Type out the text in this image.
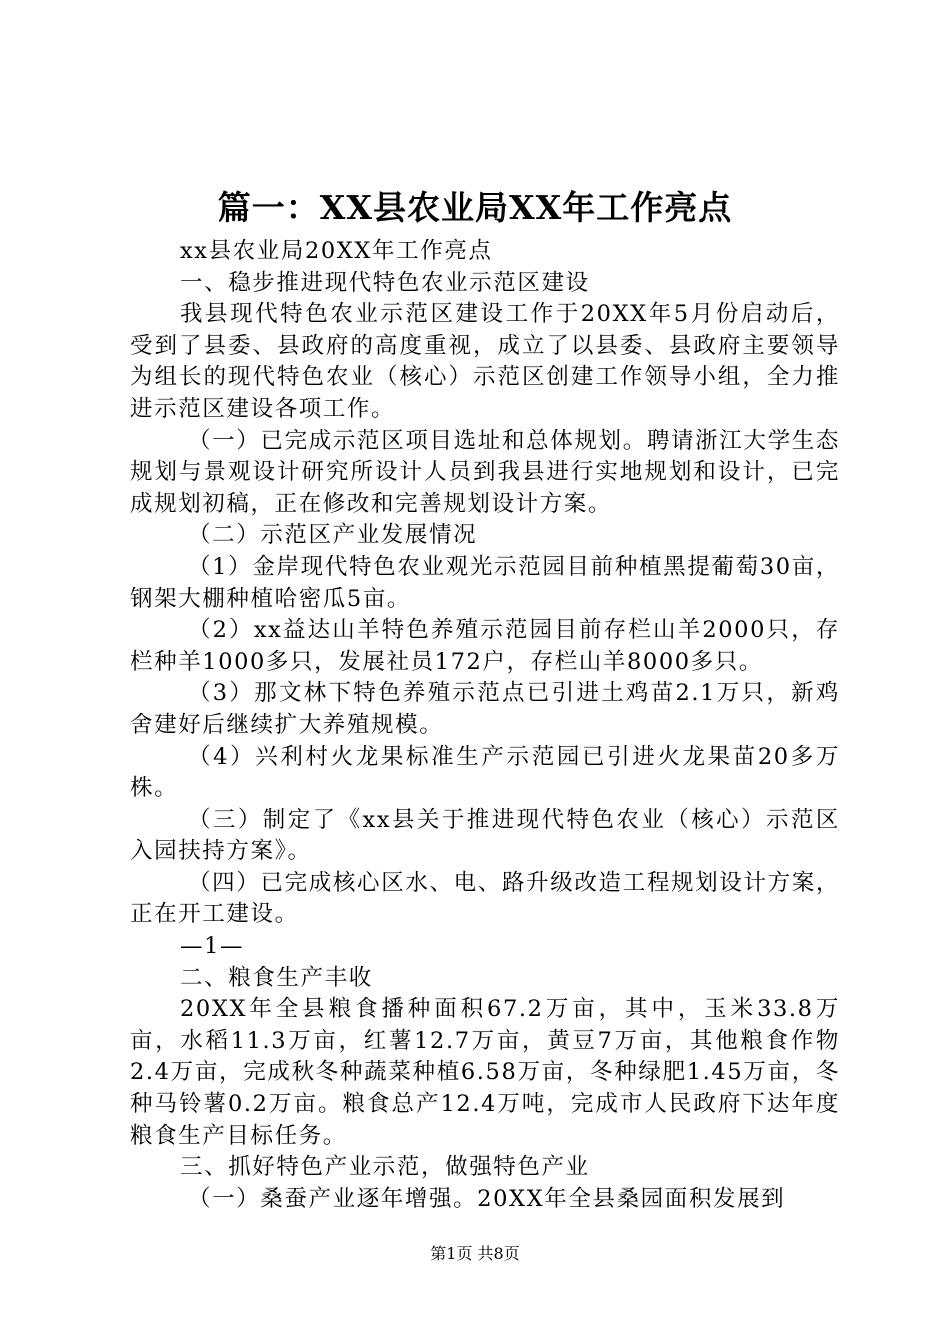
篇一：XX县农业局XX年工作亮点

xx县农业局20XX年工作亮点

一、稳步推进现代特色农业示范区建设

我县现代特色农业示范区建设工作于20XX年5月份启动后，受到了县委、县政府的高度重视，成立了以县委、县政府主要领导为组长的现代特色农业（核心）示范区创建工作领导小组，全力推进示范区建设各项工作。

（一）已完成示范区项目选址和总体规划。聘请浙江大学生态规划与景观设计研究所设计人员到我县进行实地规划和设计，已完成规划初稿，正在修改和完善规划设计方案。

（二）示范区产业发展情况

（1）金岸现代特色农业观光示范园目前种植黑提葡萄30亩，钢架大棚种植哈密瓜5亩。

（2）xx益达山羊特色养殖示范园目前存栏山羊2000只，存栏种羊1000多只，发展社员172户，存栏山羊8000多只。

（3）那文林下特色养殖示范点已引进土鸡苗2.1万只，新鸡舍建好后继续扩大养殖规模。

（4）兴利村火龙果标准生产示范园已引进火龙果苗20多万株。

（三）制定了《xx县关于推进现代特色农业（核心）示范区入园扶持方案》。

（四）已完成核心区水、电、路升级改造工程规划设计方案，正在开工建设。

—1—

二、粮食生产丰收

20XX年全县粮食播种面积67.2万亩，其中，玉米33.8万亩，水稻11.3万亩，红薯12.7万亩，黄豆7万亩，其他粮食作物2.4万亩，完成秋冬种蔬菜种植6.58万亩，冬种绿肥1.45万亩，冬种马铃薯0.2万亩。粮食总产12.4万吨，完成市人民政府下达年度粮食生产目标任务。

三、抓好特色产业示范，做强特色产业

（一）桑蚕产业逐年增强。20XX年全县桑园面积发展到

第1页 共8页
